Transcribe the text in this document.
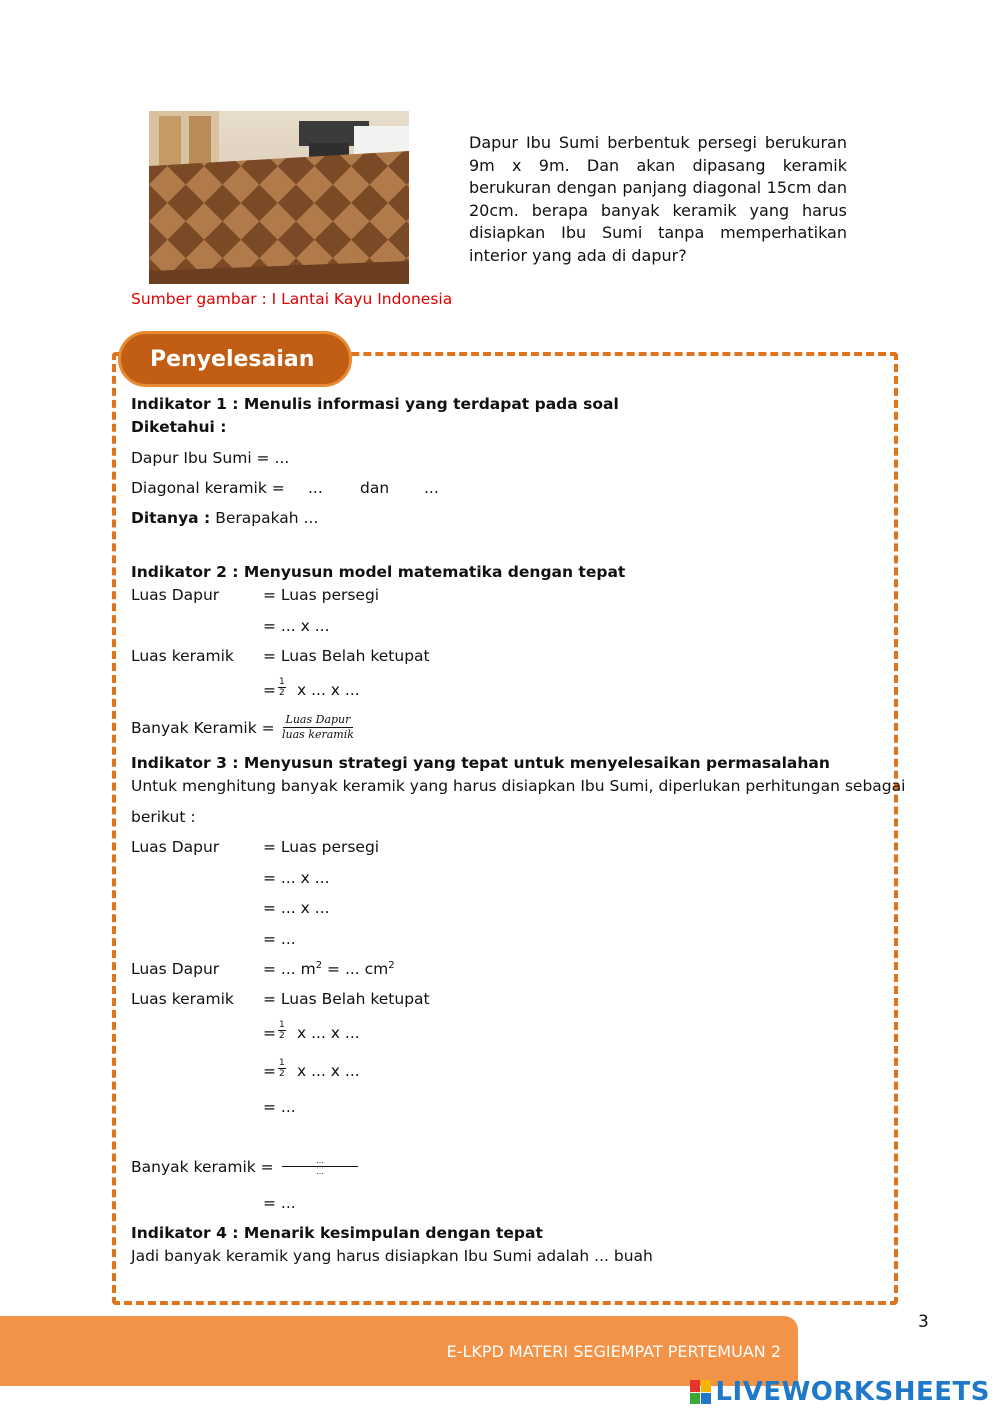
Sumber gambar : I Lantai Kayu Indonesia
Dapur Ibu Sumi berbentuk persegi berukuran 9m x 9m. Dan akan dipasang keramik berukuran dengan panjang diagonal 15cm dan 20cm. berapa banyak keramik yang harus disiapkan Ibu Sumi tanpa memperhatikan interior yang ada di dapur?
Penyelesaian
Indikator 1 : Menulis informasi yang terdapat pada soal
Diketahui :
Dapur Ibu Sumi = ...
Diagonal keramik = ... dan ...
Ditanya : Berapakah ...
Indikator 2 : Menyusun model matematika dengan tepat
Luas Dapur	= Luas persegi
= ... x ...
Luas keramik = Luas Belah ketupat
= $\frac{1}{2}$ x ... x ...
Banyak Keramik = Luas Dapur
luas keramik
Indikator 3 : Menyusun strategi yang tepat untuk menyelesaikan permasalahan
Untuk menghitung banyak keramik yang harus disiapkan Ibu Sumi, diperlukan perhitungan sebagai
berikut :
Luas Dapur	= Luas persegi
= ... x ...
= ... x ...
= ...
Luas Dapur	= ... $m^2$ = ... $cm^2$
Luas keramik = Luas Belah ketupat
= $\frac{1}{2}$ x ... x ...
= $\frac{1}{2}$ x ... x ...
= ...
Banyak keramik =	...
...
= ...
Indikator 4 : Menarik kesimpulan dengan tepat
Jadi banyak keramik yang harus disiapkan Ibu Sumi adalah ... buah
3
E-LKPD MATERI SEGIEMPAT PERTEMUAN 2
LIVEWORKSHEETS
